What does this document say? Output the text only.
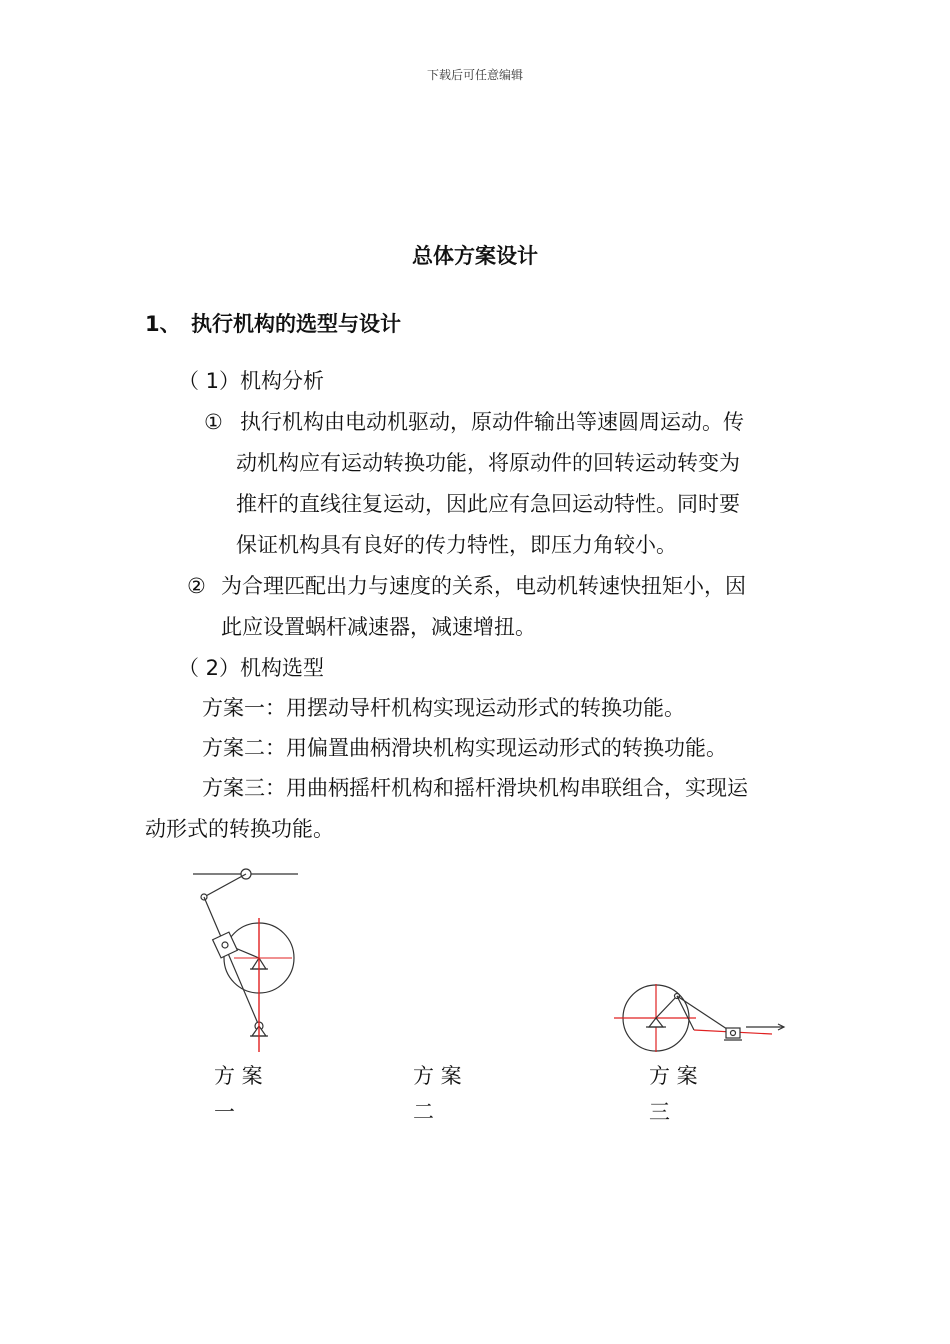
下载后可任意编辑
总体方案设计
1、 执行机构的选型与设计
（ 1）机构分析
① 执行机构由电动机驱动，原动件输出等速圆周运动。传
动机构应有运动转换功能，将原动件的回转运动转变为
推杆的直线往复运动，因此应有急回运动特性。同时要
保证机构具有良好的传力特性，即压力角较小。
② 为合理匹配出力与速度的关系，电动机转速快扭矩小，因
此应设置蜗杆减速器，减速增扭。
（ 2）机构选型
方案一：用摆动导杆机构实现运动形式的转换功能。
方案二：用偏置曲柄滑块机构实现运动形式的转换功能。
方案三：用曲柄摇杆机构和摇杆滑块机构串联组合，实现运
动形式的转换功能。
方 案
一
方 案
二
方 案
三
